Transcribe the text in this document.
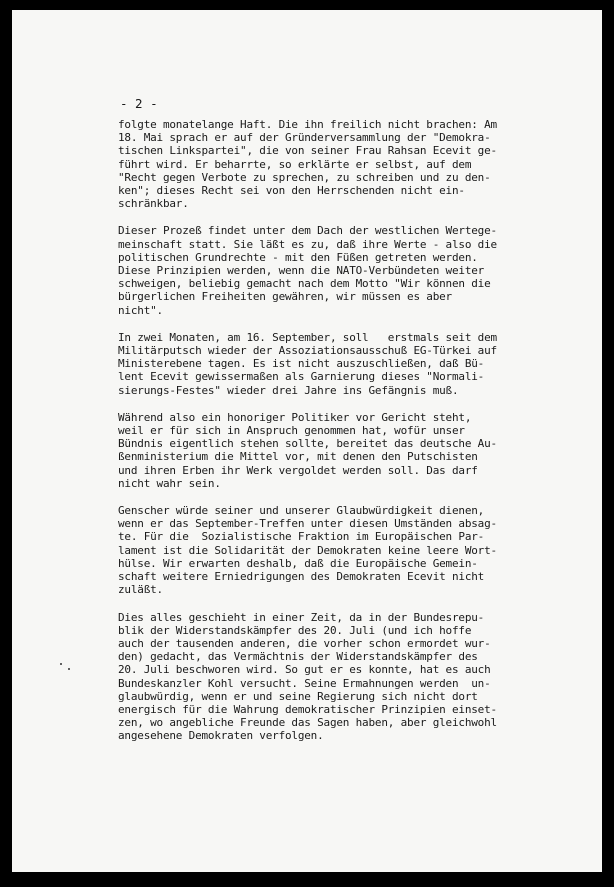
- 2 -

folgte monatelange Haft. Die ihn freilich nicht brachen: Am
18. Mai sprach er auf der Gründerversammlung der "Demokra-
tischen Linkspartei", die von seiner Frau Rahsan Ecevit ge-
führt wird. Er beharrte, so erklärte er selbst, auf dem
"Recht gegen Verbote zu sprechen, zu schreiben und zu den-
ken"; dieses Recht sei von den Herrschenden nicht ein-
schränkbar.

Dieser Prozeß findet unter dem Dach der westlichen Wertege-
meinschaft statt. Sie läßt es zu, daß ihre Werte - also die
politischen Grundrechte - mit den Füßen getreten werden.
Diese Prinzipien werden, wenn die NATO-Verbündeten weiter
schweigen, beliebig gemacht nach dem Motto "Wir können die
bürgerlichen Freiheiten gewähren, wir müssen es aber
nicht".

In zwei Monaten, am 16. September, soll   erstmals seit dem
Militärputsch wieder der Assoziationsausschuß EG-Türkei auf
Ministerebene tagen. Es ist nicht auszuschließen, daß Bü-
lent Ecevit gewissermaßen als Garnierung dieses "Normali-
sierungs-Festes" wieder drei Jahre ins Gefängnis muß.

Während also ein honoriger Politiker vor Gericht steht,
weil er für sich in Anspruch genommen hat, wofür unser
Bündnis eigentlich stehen sollte, bereitet das deutsche Au-
ßenministerium die Mittel vor, mit denen den Putschisten
und ihren Erben ihr Werk vergoldet werden soll. Das darf
nicht wahr sein.

Genscher würde seiner und unserer Glaubwürdigkeit dienen,
wenn er das September-Treffen unter diesen Umständen absag-
te. Für die  Sozialistische Fraktion im Europäischen Par-
lament ist die Solidarität der Demokraten keine leere Wort-
hülse. Wir erwarten deshalb, daß die Europäische Gemein-
schaft weitere Erniedrigungen des Demokraten Ecevit nicht
zuläßt.

Dies alles geschieht in einer Zeit, da in der Bundesrepu-
blik der Widerstandskämpfer des 20. Juli (und ich hoffe
auch der tausenden anderen, die vorher schon ermordet wur-
den) gedacht, das Vermächtnis der Widerstandskämpfer des
20. Juli beschworen wird. So gut er es konnte, hat es auch
Bundeskanzler Kohl versucht. Seine Ermahnungen werden  un-
glaubwürdig, wenn er und seine Regierung sich nicht dort
energisch für die Wahrung demokratischer Prinzipien einset-
zen, wo angebliche Freunde das Sagen haben, aber gleichwohl
angesehene Demokraten verfolgen.
